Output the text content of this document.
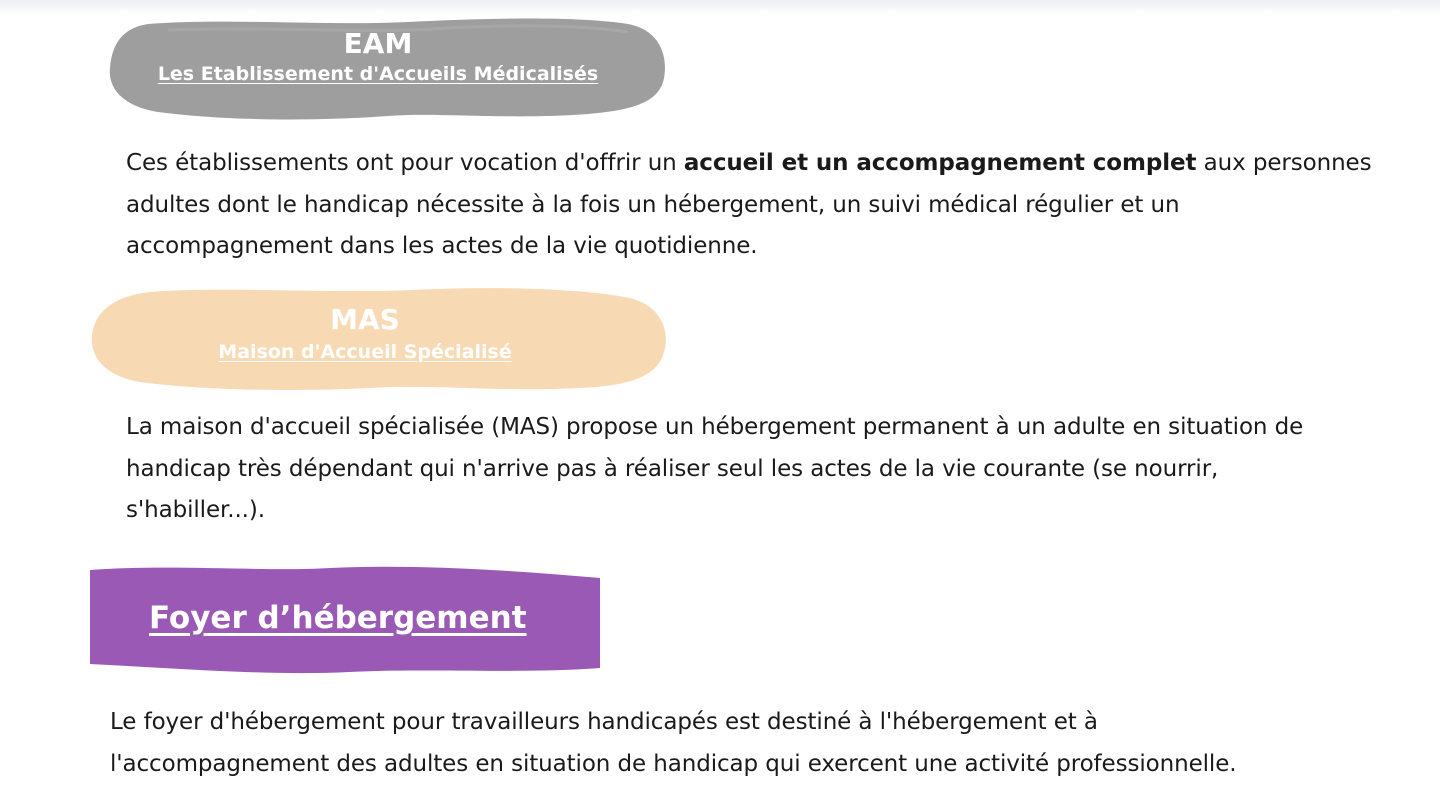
EAM
Les Etablissement d'Accueils Médicalisés

Ces établissements ont pour vocation d'offrir un accueil et un accompagnement complet aux personnes
adultes dont le handicap nécessite à la fois un hébergement, un suivi médical régulier et un
accompagnement dans les actes de la vie quotidienne.

MAS
Maison d'Accueil Spécialisé

La maison d'accueil spécialisée (MAS) propose un hébergement permanent à un adulte en situation de
handicap très dépendant qui n'arrive pas à réaliser seul les actes de la vie courante (se nourrir,
s'habiller...).

Foyer d’hébergement

Le foyer d'hébergement pour travailleurs handicapés est destiné à l'hébergement et à
l'accompagnement des adultes en situation de handicap qui exercent une activité professionnelle.
